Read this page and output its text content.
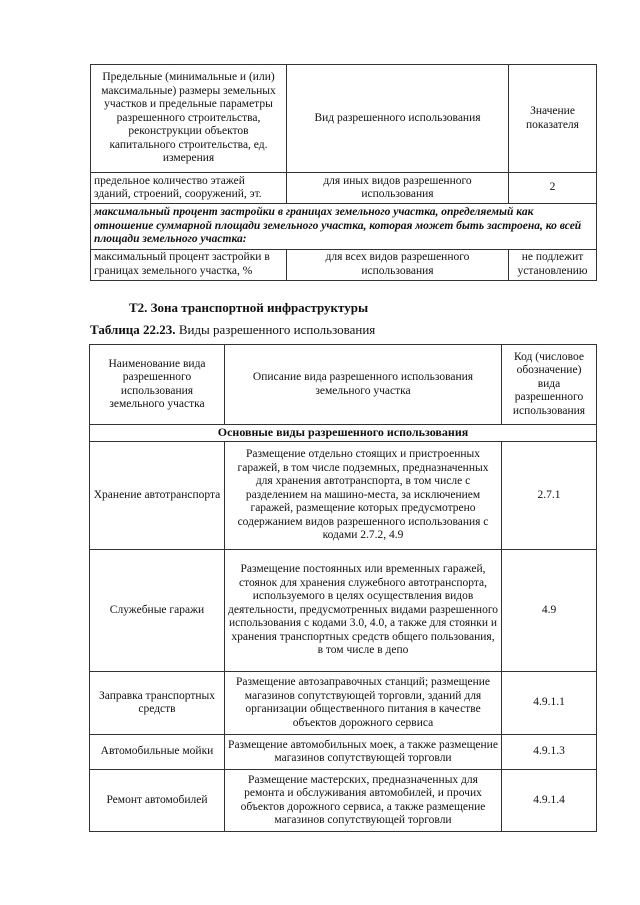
Предельные (минимальные и (или) максимальные) размеры земельных участков и предельные параметры разрешенного строительства, реконструкции объектов капитального строительства, ед. измерения	Вид разрешенного использования	Значение показателя
предельное количество этажей зданий, строений, сооружений, эт.	для иных видов разрешенного использования	2
максимальный процент застройки в границах земельного участка, определяемый как отношение суммарной площади земельного участка, которая может быть застроена, ко всей площади земельного участка:		
максимальный процент застройки в границах земельного участка, %	для всех видов разрешенного использования	не подлежит установлению

Т2. Зона транспортной инфраструктуры

Таблица 22.23. Виды разрешенного использования

Наименование вида разрешенного использования земельного участка	Описание вида разрешенного использования земельного участка	Код (числовое обозначение) вида разрешенного использования
Основные виды разрешенного использования		
Хранение автотранспорта	Размещение отдельно стоящих и пристроенных гаражей, в том числе подземных, предназначенных для хранения автотранспорта, в том числе с разделением на машино-места, за исключением гаражей, размещение которых предусмотрено содержанием видов разрешенного использования с кодами 2.7.2, 4.9	2.7.1
Служебные гаражи	Размещение постоянных или временных гаражей, стоянок для хранения служебного автотранспорта, используемого в целях осуществления видов деятельности, предусмотренных видами разрешенного использования с кодами 3.0, 4.0, а также для стоянки и хранения транспортных средств общего пользования, в том числе в депо	4.9
Заправка транспортных средств	Размещение автозаправочных станций; размещение магазинов сопутствующей торговли, зданий для организации общественного питания в качестве объектов дорожного сервиса	4.9.1.1
Автомобильные мойки	Размещение автомобильных моек, а также размещение магазинов сопутствующей торговли	4.9.1.3
Ремонт автомобилей	Размещение мастерских, предназначенных для ремонта и обслуживания автомобилей, и прочих объектов дорожного сервиса, а также размещение магазинов сопутствующей торговли	4.9.1.4
